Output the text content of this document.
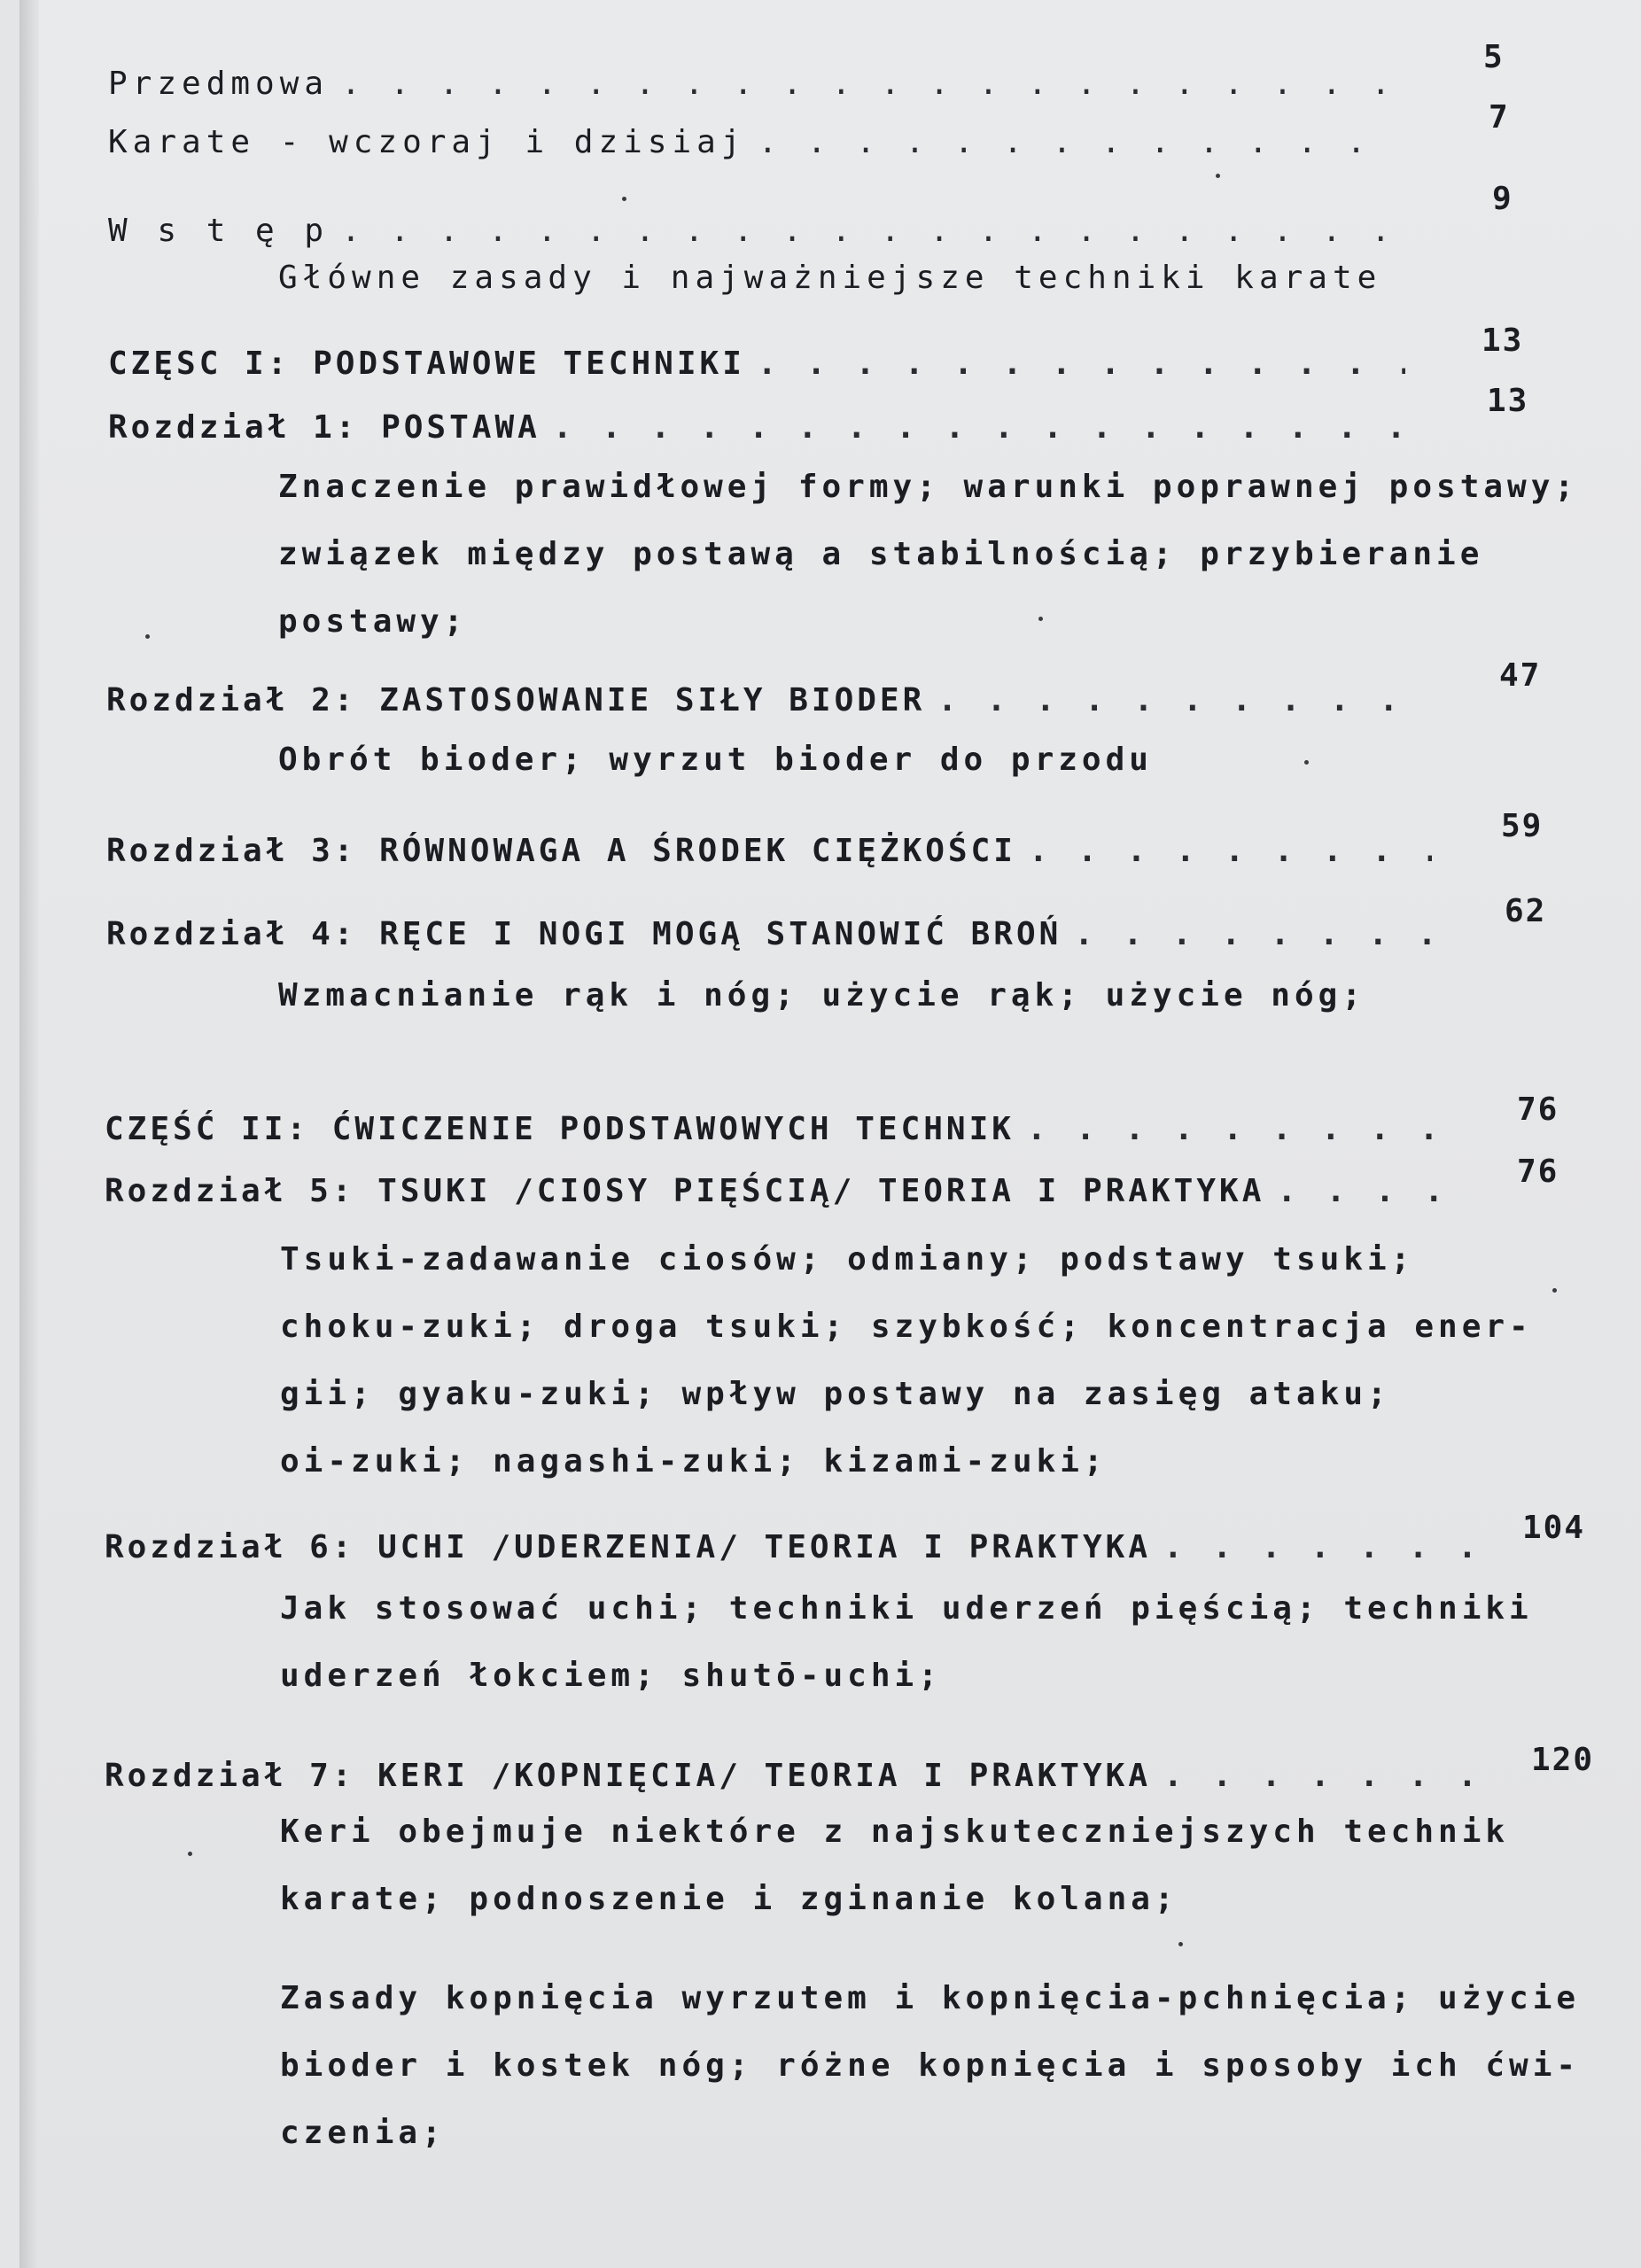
Przedmowa
. . .
5
Karate - wczoraj i dzisiaj
. . .
7
W s t ę p
. . .
9
Główne zasady i najważniejsze techniki karate
CZĘSC I: PODSTAWOWE TECHNIKI
. . .
13
Rozdział 1: POSTAWA
. . .
13
Znaczenie prawidłowej formy; warunki poprawnej postawy;
związek między postawą a stabilnością; przybieranie
postawy;
Rozdział 2: ZASTOSOWANIE SIŁY BIODER
. . .
47
Obrót bioder; wyrzut bioder do przodu
Rozdział 3: RÓWNOWAGA A ŚRODEK CIĘŻKOŚCI
. . .
59
Rozdział 4: RĘCE I NOGI MOGĄ STANOWIĆ BROŃ
. . .
62
Wzmacnianie rąk i nóg; użycie rąk; użycie nóg;
CZĘŚĆ II: ĆWICZENIE PODSTAWOWYCH TECHNIK
. . .
76
Rozdział 5: TSUKI /CIOSY PIĘŚCIĄ/ TEORIA I PRAKTYKA
. . .
76
Tsuki-zadawanie ciosów; odmiany; podstawy tsuki;
choku-zuki; droga tsuki; szybkość; koncentracja ener-
gii; gyaku-zuki; wpływ postawy na zasięg ataku;
oi-zuki; nagashi-zuki; kizami-zuki;
Rozdział 6: UCHI /UDERZENIA/ TEORIA I PRAKTYKA
. . .
104
Jak stosować uchi; techniki uderzeń pięścią; techniki
uderzeń łokciem; shutō-uchi;
Rozdział 7: KERI /KOPNIĘCIA/ TEORIA I PRAKTYKA
. . .	120
Keri obejmuje niektóre z najskuteczniejszych technik
karate; podnoszenie i zginanie kolana;
Zasady kopnięcia wyrzutem i kopnięcia-pchnięcia; użycie
bioder i kostek nóg; różne kopnięcia i sposoby ich ćwi-
czenia;
